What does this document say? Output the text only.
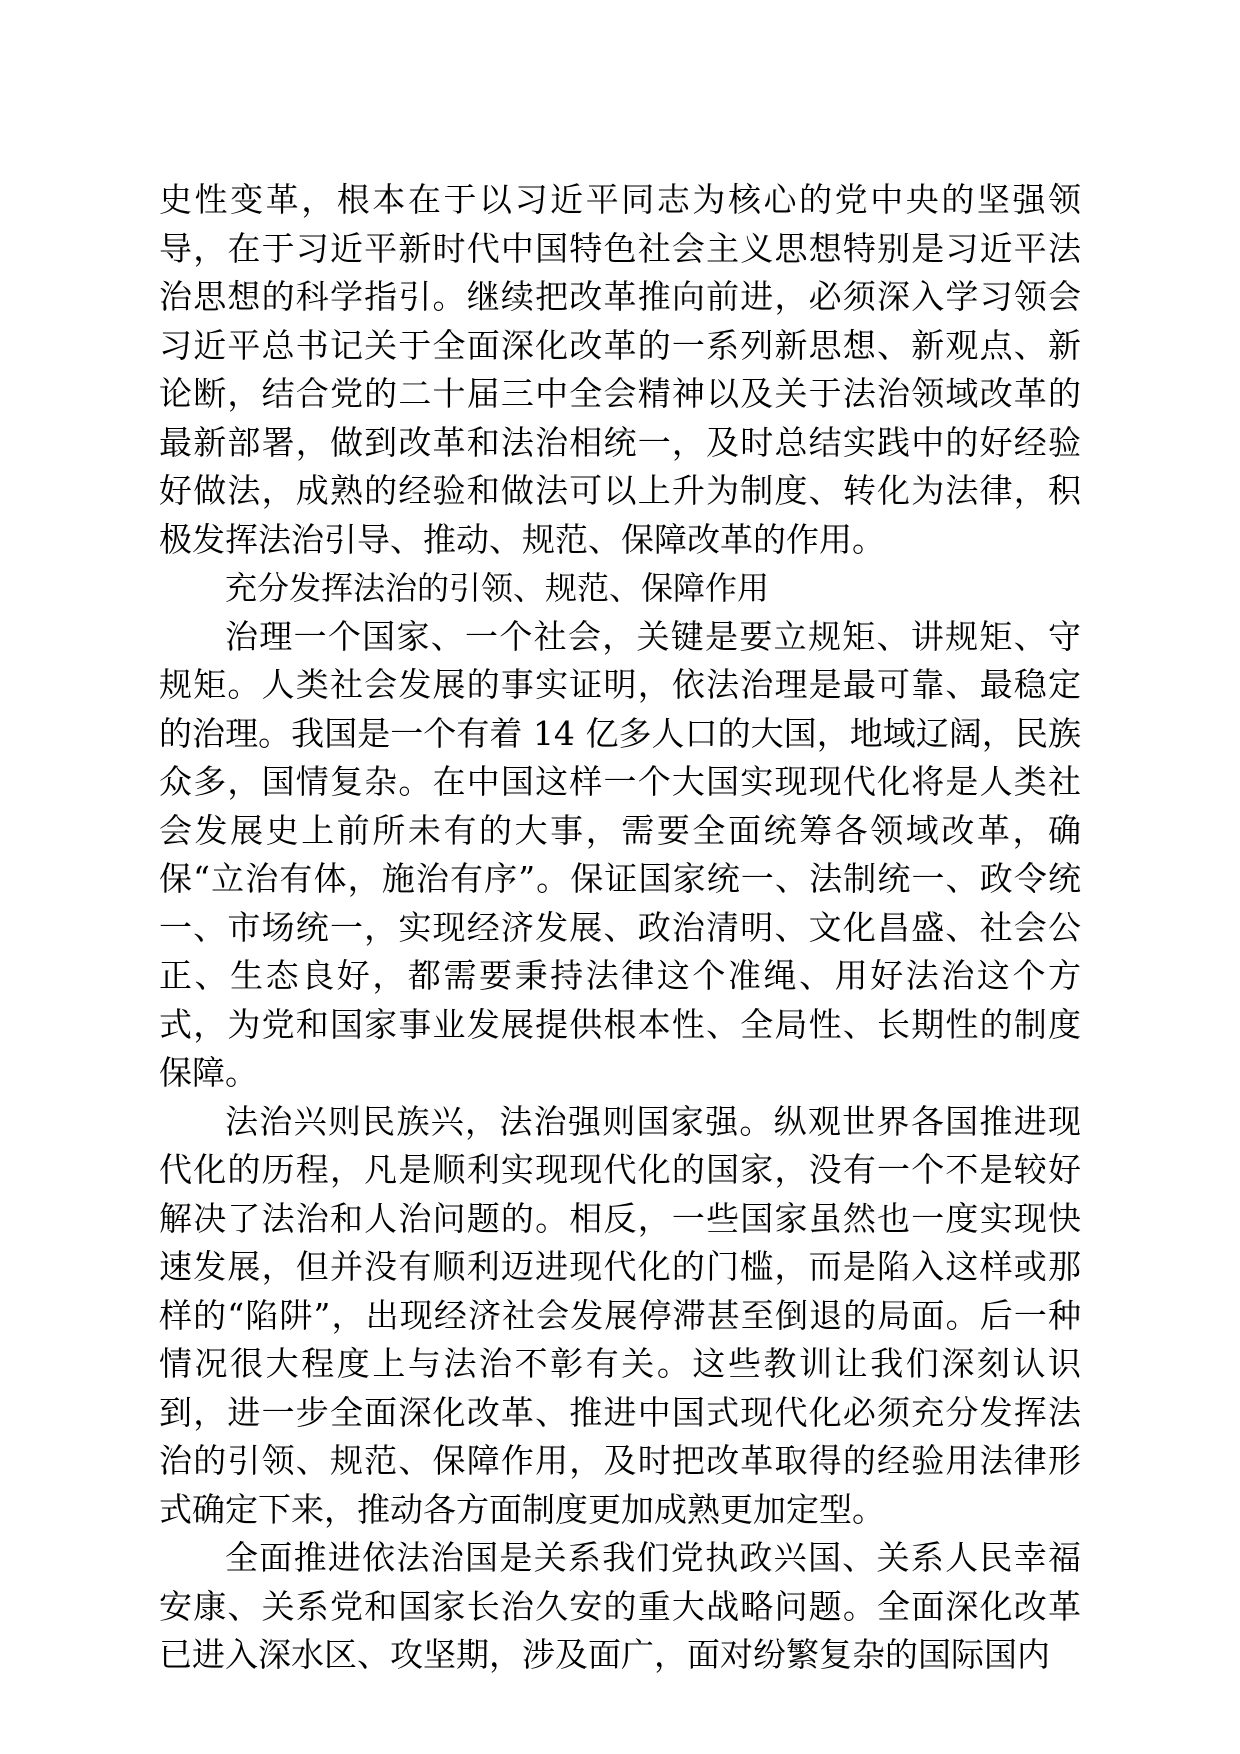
史性变革，根本在于以习近平同志为核心的党中央的坚强领导，在于习近平新时代中国特色社会主义思想特别是习近平法治思想的科学指引。继续把改革推向前进，必须深入学习领会习近平总书记关于全面深化改革的一系列新思想、新观点、新论断，结合党的二十届三中全会精神以及关于法治领域改革的最新部署，做到改革和法治相统一，及时总结实践中的好经验好做法，成熟的经验和做法可以上升为制度、转化为法律，积极发挥法治引导、推动、规范、保障改革的作用。

充分发挥法治的引领、规范、保障作用

治理一个国家、一个社会，关键是要立规矩、讲规矩、守规矩。人类社会发展的事实证明，依法治理是最可靠、最稳定的治理。我国是一个有着 14 亿多人口的大国，地域辽阔，民族众多，国情复杂。在中国这样一个大国实现现代化将是人类社会发展史上前所未有的大事，需要全面统筹各领域改革，确保“立治有体，施治有序”。保证国家统一、法制统一、政令统一、市场统一，实现经济发展、政治清明、文化昌盛、社会公正、生态良好，都需要秉持法律这个准绳、用好法治这个方式，为党和国家事业发展提供根本性、全局性、长期性的制度保障。

法治兴则民族兴，法治强则国家强。纵观世界各国推进现代化的历程，凡是顺利实现现代化的国家，没有一个不是较好解决了法治和人治问题的。相反，一些国家虽然也一度实现快速发展，但并没有顺利迈进现代化的门槛，而是陷入这样或那样的“陷阱”，出现经济社会发展停滞甚至倒退的局面。后一种情况很大程度上与法治不彰有关。这些教训让我们深刻认识到，进一步全面深化改革、推进中国式现代化必须充分发挥法治的引领、规范、保障作用，及时把改革取得的经验用法律形式确定下来，推动各方面制度更加成熟更加定型。

全面推进依法治国是关系我们党执政兴国、关系人民幸福安康、关系党和国家长治久安的重大战略问题。全面深化改革已进入深水区、攻坚期，涉及面广，面对纷繁复杂的国际国内
